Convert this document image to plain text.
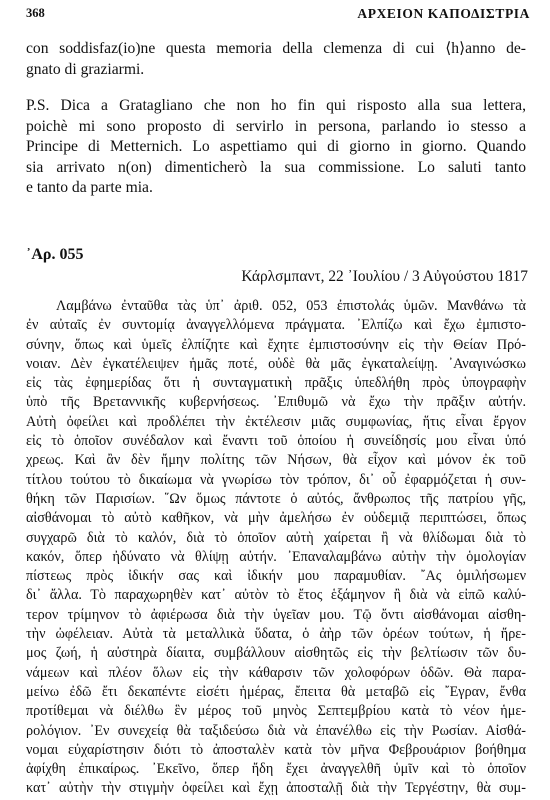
368	ΑΡΧΕΙΟΝ ΚΑΠΟΔΙΣΤΡΙΑ
con soddisfaz(io)ne questa memoria della clemenza di cui ⟨h⟩anno de-
gnato di graziarmi.
P.S. Dica a Gratagliano che non ho fin qui risposto alla sua lettera,
poichè mi sono proposto di servirlo in persona, parlando io stesso a
Principe di Metternich. Lo aspettiamo qui di giorno in giorno. Quando
sia arrivato n(on) dimenticherò la sua commissione. Lo saluti tanto
e tanto da parte mia.
᾿Αρ. 055
Κάρλσμπαντ, 22 ᾿Ιουλίου / 3 Αὐγούστου 1817
Λαμβάνω ἐνταῦθα τὰς ὑπ᾿ ἀριθ. 052, 053 ἐπιστολάς ὑμῶν. Μανθάνω τὰ
ἐν αὐταῖς ἐν συντομίᾳ ἀναγγελλόμενα πράγματα. ᾿Ελπίζω καὶ ἔχω ἐμπιστο-
σύνην, ὅπως καὶ ὑμεῖς ἐλπίζητε καὶ ἔχητε ἐμπιστοσύνην εἰς τὴν Θείαν Πρό-
νοιαν. Δὲν ἐγκατέλειψεν ἡμᾶς ποτέ, οὐδὲ θὰ μᾶς ἐγκαταλείψῃ. ᾿Αναγινώσκω
εἰς τὰς ἐφημερίδας ὅτι ἡ συνταγματικὴ πρᾶξις ὑπεδλήθη πρὸς ὑπογραφὴν
ὑπὸ τῆς Βρεταννικῆς κυβερνήσεως. ᾿Επιθυμῶ νὰ ἔχω τὴν πρᾶξιν αὐτήν.
Αὐτὴ ὀφείλει καὶ προδλέπει τὴν ἐκτέλεσιν μιᾶς συμφωνίας, ἥτις εἶναι ἔργον
εἰς τὸ ὁποῖον συνέδαλον καὶ ἔναντι τοῦ ὁποίου ἡ συνείδησίς μου εἶναι ὑπό
χρεως. Καὶ ἂν δὲν ἤμην πολίτης τῶν Νήσων, θὰ εἶχον καὶ μόνον ἐκ τοῦ
τίτλου τούτου τὸ δικαίωμα νὰ γνωρίσω τὸν τρόπον, δι᾿ οὗ ἐφαρμόζεται ἡ συν-
θήκη τῶν Παρισίων. ῞Ων ὅμως πάντοτε ὁ αὐτός, ἄνθρωπος τῆς πατρίου γῆς,
αἰσθάνομαι τὸ αὐτὸ καθῆκον, νὰ μὴν ἀμελήσω ἐν οὐδεμιᾷ περιπτώσει, ὅπως
συγχαρῶ διὰ τὸ καλόν, διὰ τὸ ὁποῖον αὐτὴ χαίρεται ἢ νὰ θλίδωμαι διὰ τὸ
κακόν, ὅπερ ἠδύνατο νὰ θλίψῃ αὐτήν. ᾿Επαναλαμβάνω αὐτὴν τὴν ὁμολογίαν
πίστεως πρὸς ἰδικήν σας καὶ ἰδικήν μου παραμυθίαν. ῎Ας ὁμιλήσωμεν
δι᾿ ἄλλα. Τὸ παραχωρηθὲν κατ᾿ αὐτὸν τὸ ἔτος ἑξάμηνον ἢ διὰ νὰ εἰπῶ καλύ-
τερον τρίμηνον τὸ ἀφιέρωσα διὰ τὴν ὑγεῖαν μου. Τῷ ὄντι αἰσθάνομαι αἰσθη-
τὴν ὠφέλειαν. Αὐτὰ τὰ μεταλλικὰ ὕδατα, ὁ ἀὴρ τῶν ὀρέων τούτων, ἡ ἤρε-
μος ζωή, ἡ αὐστηρὰ δίαιτα, συμβάλλουν αἰσθητῶς εἰς τὴν βελτίωσιν τῶν δυ-
νάμεων καὶ πλέον ὅλων εἰς τὴν κάθαρσιν τῶν χολοφόρων ὁδῶν. Θὰ παρα-
μείνω ἐδῶ ἔτι δεκαπέντε εἰσέτι ἡμέρας, ἔπειτα θὰ μεταβῶ εἰς ῎Εγραν, ἔνθα
προτίθεμαι νὰ διέλθω ἓν μέρος τοῦ μηνὸς Σεπτεμβρίου κατὰ τὸ νέον ἡμε-
ρολόγιον. ᾿Εν συνεχείᾳ θὰ ταξιδεύσω διὰ νὰ ἐπανέλθω εἰς τὴν Ρωσίαν. Αἰσθά-
νομαι εὐχαρίστησιν διότι τὸ ἀποσταλὲν κατὰ τὸν μῆνα Φεβρουάριον βοήθημα
ἀφίχθη ἐπικαίρως. ᾿Εκεῖνο, ὅπερ ἤδη ἔχει ἀναγγελθῆ ὑμῖν καὶ τὸ ὁποῖον
κατ᾿ αὐτὴν τὴν στιγμὴν ὀφείλει καὶ ἔχῃ ἀποσταλῇ διὰ τὴν Τεργέστην, θὰ συμ-
